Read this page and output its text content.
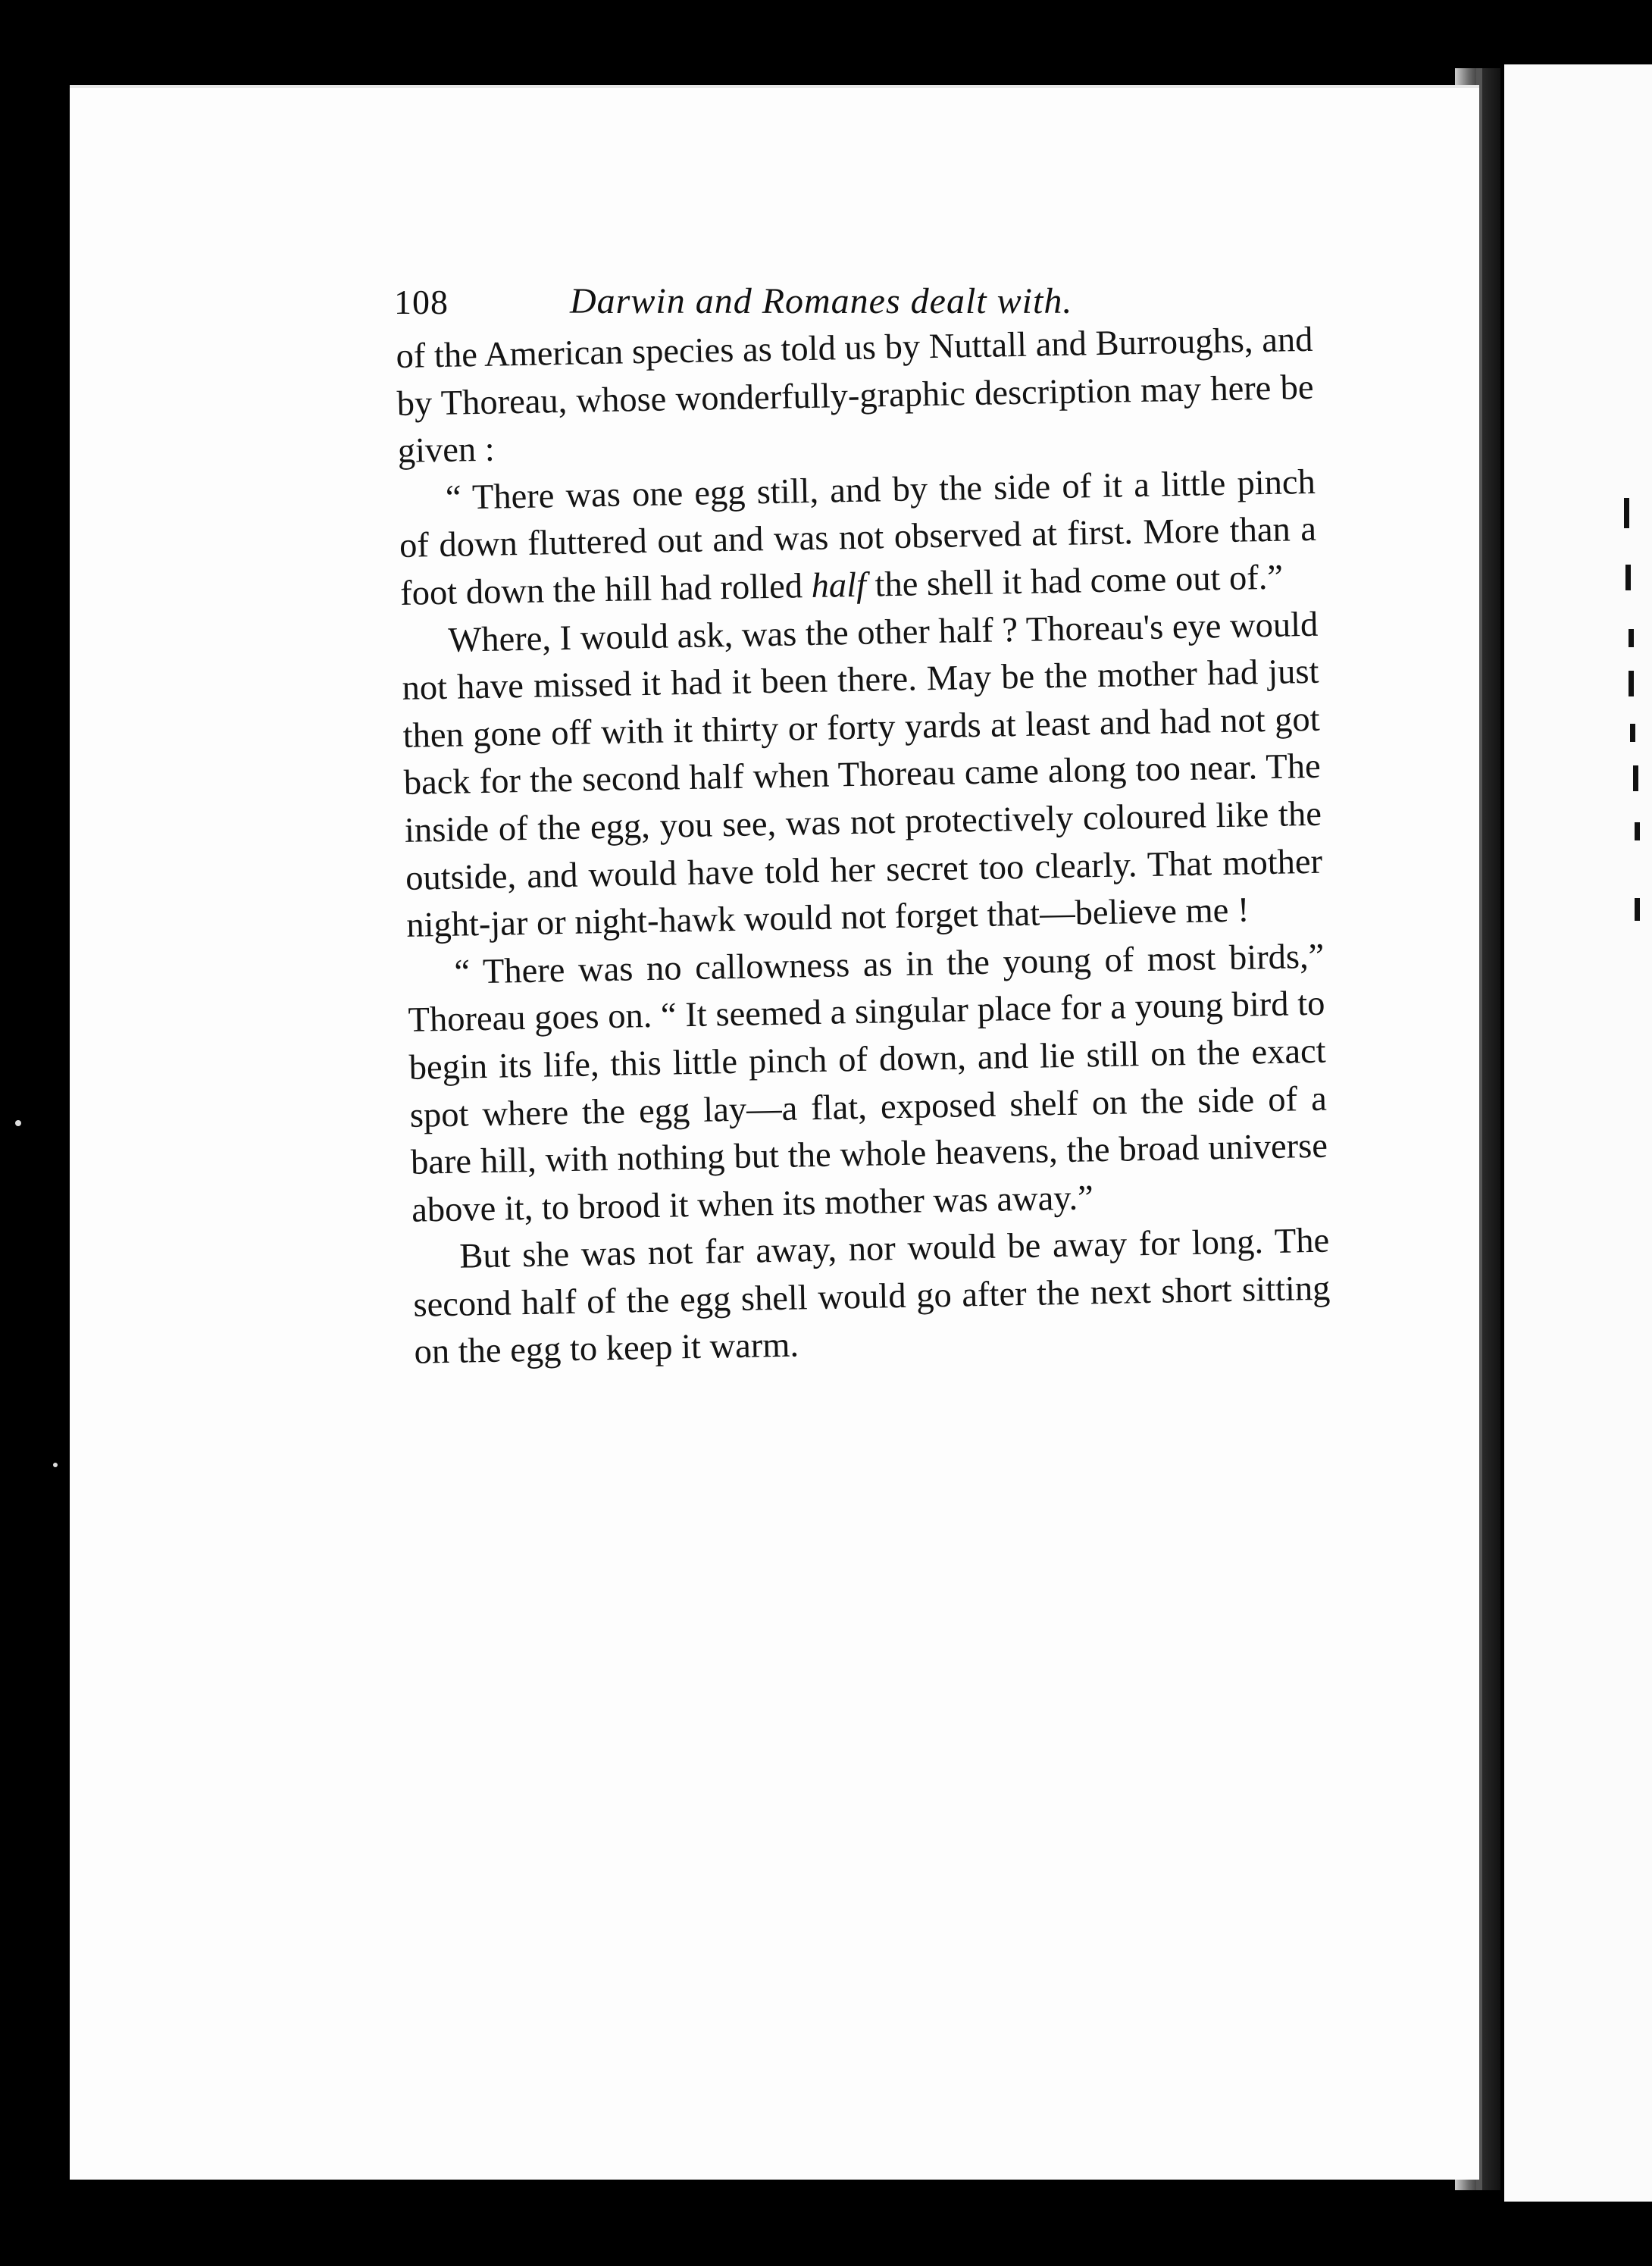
108	Darwin and Romanes dealt with.

of the American species as told us by Nuttall and Burroughs, and by Thoreau, whose wonderfully-graphic description may here be given :

“ There was one egg still, and by the side of it a little pinch of down fluttered out and was not observed at first. More than a foot down the hill had rolled half the shell it had come out of.”

Where, I would ask, was the other half ? Thoreau's eye would not have missed it had it been there. May be the mother had just then gone off with it thirty or forty yards at least and had not got back for the second half when Thoreau came along too near. The inside of the egg, you see, was not protectively coloured like the outside, and would have told her secret too clearly. That mother night-jar or night-hawk would not forget that—believe me !

“ There was no callowness as in the young of most birds,” Thoreau goes on. “ It seemed a singular place for a young bird to begin its life, this little pinch of down, and lie still on the exact spot where the egg lay—a flat, exposed shelf on the side of a bare hill, with nothing but the whole heavens, the broad universe above it, to brood it when its mother was away.”

But she was not far away, nor would be away for long. The second half of the egg shell would go after the next short sitting on the egg to keep it warm.
